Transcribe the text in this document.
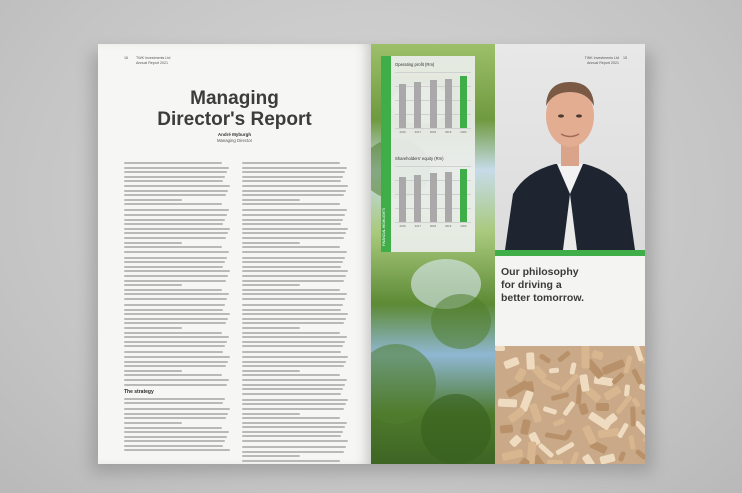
16 TWK Investments Ltd
Annual Report 2021
Managing
Director's Report
André Myburgh
Managing Director
The strategy
FINANCIAL HIGHLIGHTS
Operating profit (Rm)
2016	2017	2018	2019	2020
Shareholders' equity (Rm)
2016	2017	2018	2019	2020
Our philosophy
for driving a
better tomorrow.
TWK Investments Ltd
Annual Report 2021
15
